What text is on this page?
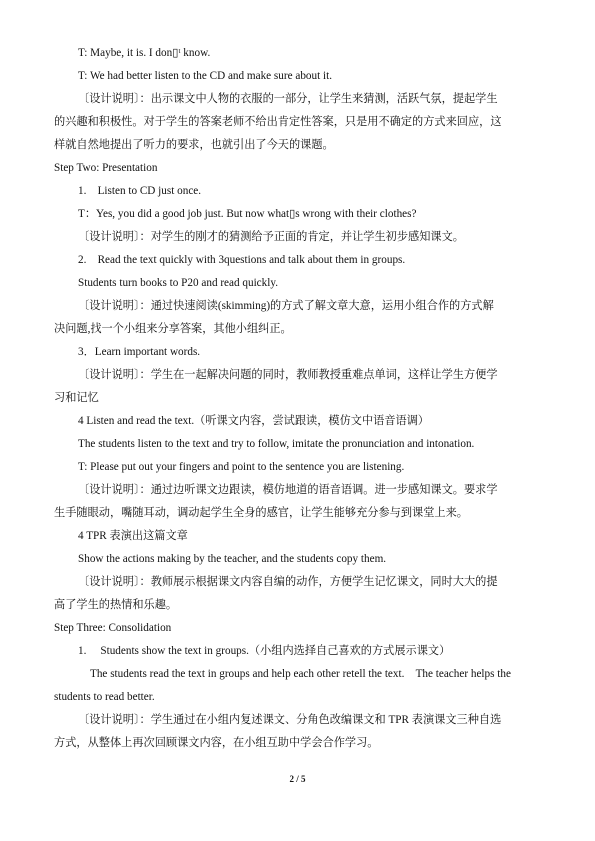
T: Maybe, it is. I don▯ᵗ know.
T: We had better listen to the CD and make sure about it.
〔设计说明〕：出示课文中人物的衣服的一部分，让学生来猜测，活跃气氛，提起学生
的兴趣和积极性。对于学生的答案老师不给出肯定性答案，只是用不确定的方式来回应，这
样就自然地提出了听力的要求，也就引出了今天的课题。
Step Two: Presentation
1. Listen to CD just once.
T：Yes, you did a good job just. But now what▯s wrong with their clothes?
〔设计说明〕：对学生的刚才的猜测给予正面的肯定，并让学生初步感知课文。
2. Read the text quickly with 3questions and talk about them in groups.
Students turn books to P20 and read quickly.
〔设计说明〕：通过快速阅读(skimming)的方式了解文章大意，运用小组合作的方式解
决问题,找一个小组来分享答案，其他小组纠正。
3．Learn important words.
〔设计说明〕：学生在一起解决问题的同时，教师教授重难点单词，这样让学生方便学
习和记忆
4 Listen and read the text.（听课文内容，尝试跟读，模仿文中语音语调）
The students listen to the text and try to follow, imitate the pronunciation and intonation.
T: Please put out your fingers and point to the sentence you are listening.
〔设计说明〕：通过边听课文边跟读，模仿地道的语音语调。进一步感知课文。要求学
生手随眼动，嘴随耳动，调动起学生全身的感官，让学生能够充分参与到课堂上来。
4 TPR 表演出这篇文章
Show the actions making by the teacher, and the students copy them.
〔设计说明〕：教师展示根据课文内容自编的动作，方便学生记忆课文，同时大大的提
高了学生的热情和乐趣。
Step Three: Consolidation
1.  Students show the text in groups.（小组内选择自己喜欢的方式展示课文）
The students read the text in groups and help each other retell the text. The teacher helps the
students to read better.
〔设计说明〕：学生通过在小组内复述课文、分角色改编课文和 TPR 表演课文三种自选
方式，从整体上再次回顾课文内容，在小组互助中学会合作学习。
2 / 5
